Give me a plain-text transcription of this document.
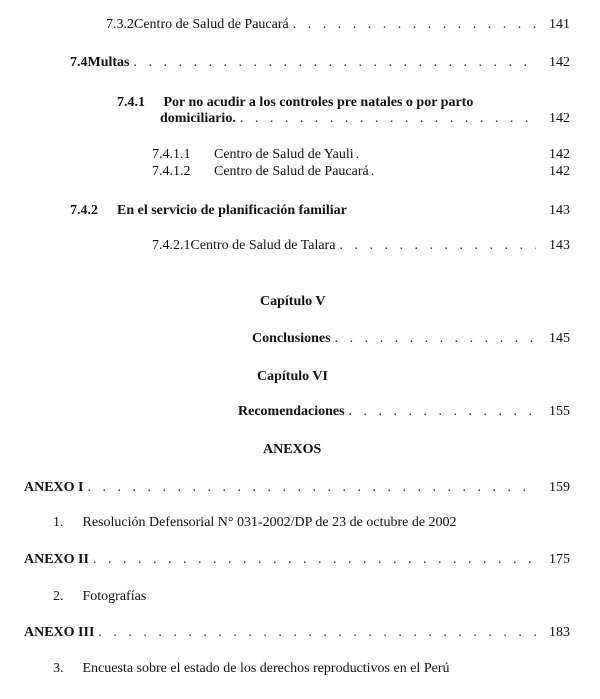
7.3.2 Centro de Salud de Paucará . . .	141
7.4 Multas . . .	142
7.4.1 Por no acudir a los controles pre natales o por parto
domiciliario. . . .	142
7.4.1.1	Centro de Salud de Yauli .	142
7.4.1.2	Centro de Salud de Paucará .	142
7.4.2	En el servicio de planificación familiar	143
7.4.2.1 Centro de Salud de Talara . . .	143
Capítulo V
Conclusiones . . .	145
Capítulo VI
Recomendaciones . . .	155
ANEXOS
ANEXO I . . .	159
1. Resolución Defensorial N° 031-2002/DP de 23 de octubre de 2002
ANEXO II . . .	175
2. Fotografías
ANEXO III . . .	183
3. Encuesta sobre el estado de los derechos reproductivos en el Perú
